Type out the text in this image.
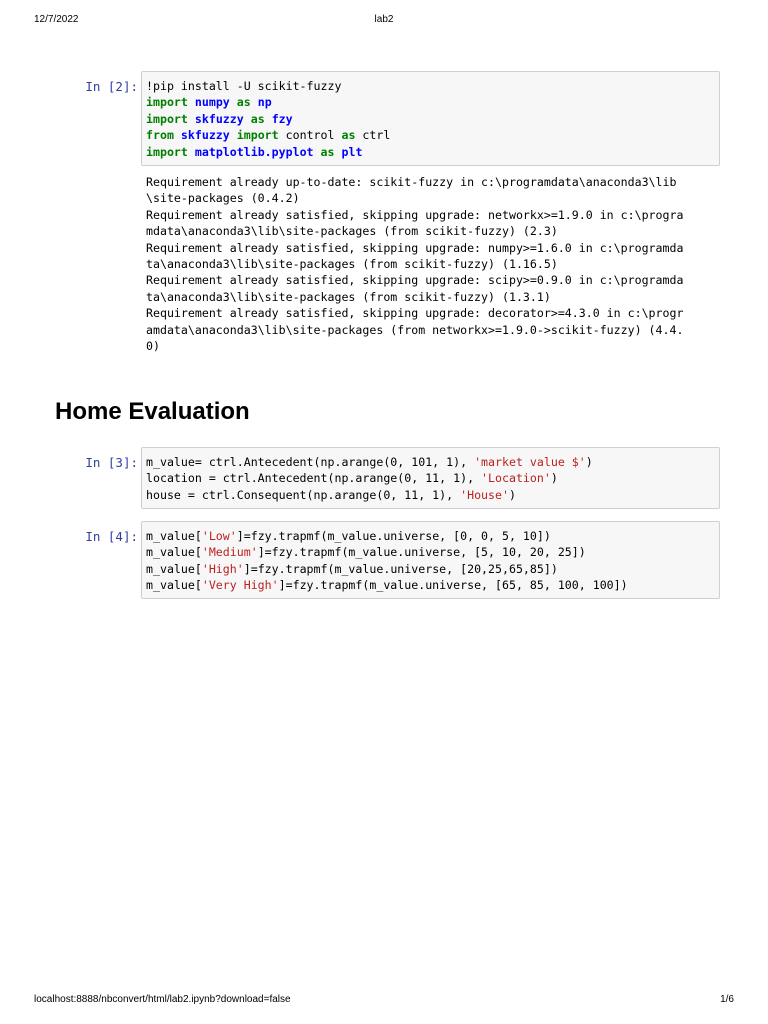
12/7/2022	lab2
In [2]: !pip install -U scikit-fuzzy
import numpy as np
import skfuzzy as fzy
from skfuzzy import control as ctrl
import matplotlib.pyplot as plt
Requirement already up-to-date: scikit-fuzzy in c:\programdata\anaconda3\lib
\site-packages (0.4.2)
Requirement already satisfied, skipping upgrade: networkx>=1.9.0 in c:\progra
mdata\anaconda3\lib\site-packages (from scikit-fuzzy) (2.3)
Requirement already satisfied, skipping upgrade: numpy>=1.6.0 in c:\programda
ta\anaconda3\lib\site-packages (from scikit-fuzzy) (1.16.5)
Requirement already satisfied, skipping upgrade: scipy>=0.9.0 in c:\programda
ta\anaconda3\lib\site-packages (from scikit-fuzzy) (1.3.1)
Requirement already satisfied, skipping upgrade: decorator>=4.3.0 in c:\progr
amdata\anaconda3\lib\site-packages (from networkx>=1.9.0->scikit-fuzzy) (4.4.
0)
Home Evaluation
In [3]: m_value= ctrl.Antecedent(np.arange(0, 101, 1), 'market value $')
location = ctrl.Antecedent(np.arange(0, 11, 1), 'Location')
house = ctrl.Consequent(np.arange(0, 11, 1), 'House')
In [4]: m_value['Low']=fzy.trapmf(m_value.universe, [0, 0, 5, 10])
m_value['Medium']=fzy.trapmf(m_value.universe, [5, 10, 20, 25])
m_value['High']=fzy.trapmf(m_value.universe, [20,25,65,85])
m_value['Very High']=fzy.trapmf(m_value.universe, [65, 85, 100, 100])
localhost:8888/nbconvert/html/lab2.ipynb?download=false	1/6
